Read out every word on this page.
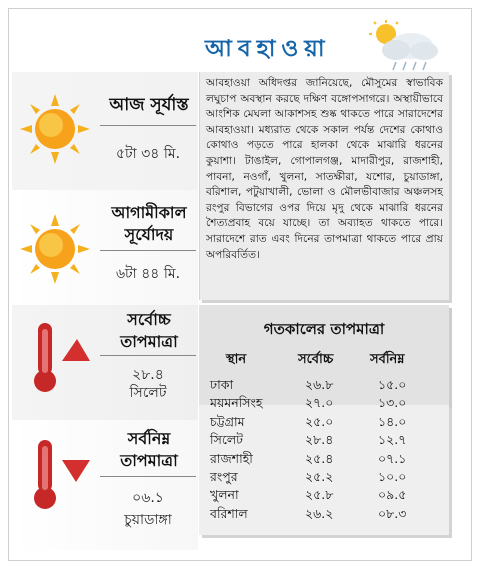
আবহাওয়া
আজ সূর্যাস্ত
৫টা ৩৪ মি.
আগামীকাল
সূর্যোদয়
৬টা ৪৪ মি.
সর্বোচ্চ
তাপমাত্রা
২৮.৪
সিলেট
সর্বনিম্ন
তাপমাত্রা
০৬.১
চুয়াডাঙ্গা
আবহাওয়া অধিদপ্তর জানিয়েছে, মৌসুমের স্বাভাবিক লঘুচাপ অবস্থান করছে দক্ষিণ বঙ্গোপসাগরে। অস্থায়ীভাবে আংশিক মেঘলা আকাশসহ শুষ্ক থাকতে পারে সারাদেশের আবহাওয়া। মধ্যরাত থেকে সকাল পর্যন্ত দেশের কোথাও কোথাও পড়তে পারে হালকা থেকে মাঝারি ধরনের কুয়াশা। টাঙাইল, গোপালগঞ্জ, মাদারীপুর, রাজশাহী, পাবনা, নওগাঁ, খুলনা, সাতক্ষীরা, যশোর, চুয়াডাঙ্গা, বরিশাল, পটুয়াখালী, ভোলা ও মৌলভীবাজার অঞ্চলসহ রংপুর বিভাগের ওপর দিয়ে মৃদু থেকে মাঝারি ধরনের শৈত্যপ্রবাহ বয়ে যাচ্ছে। তা অব্যাহত থাকতে পারে। সারাদেশে রাত এবং দিনের তাপমাত্রা থাকতে পারে প্রায় অপরিবর্তিত।
গতকালের তাপমাত্রা
স্থান	সর্বোচ্চ	সর্বনিম্ন
ঢাকা	২৬.৮	১৫.০
ময়মনসিংহ	২৭.০	১৩.০
চট্টগ্রাম	২৫.০	১৪.০
সিলেট	২৮.৪	১২.৭
রাজশাহী	২৫.৪	০৭.১
রংপুর	২৫.২	১০.০
খুলনা	২৫.৮	০৯.৫
বরিশাল	২৬.২	০৮.৩
